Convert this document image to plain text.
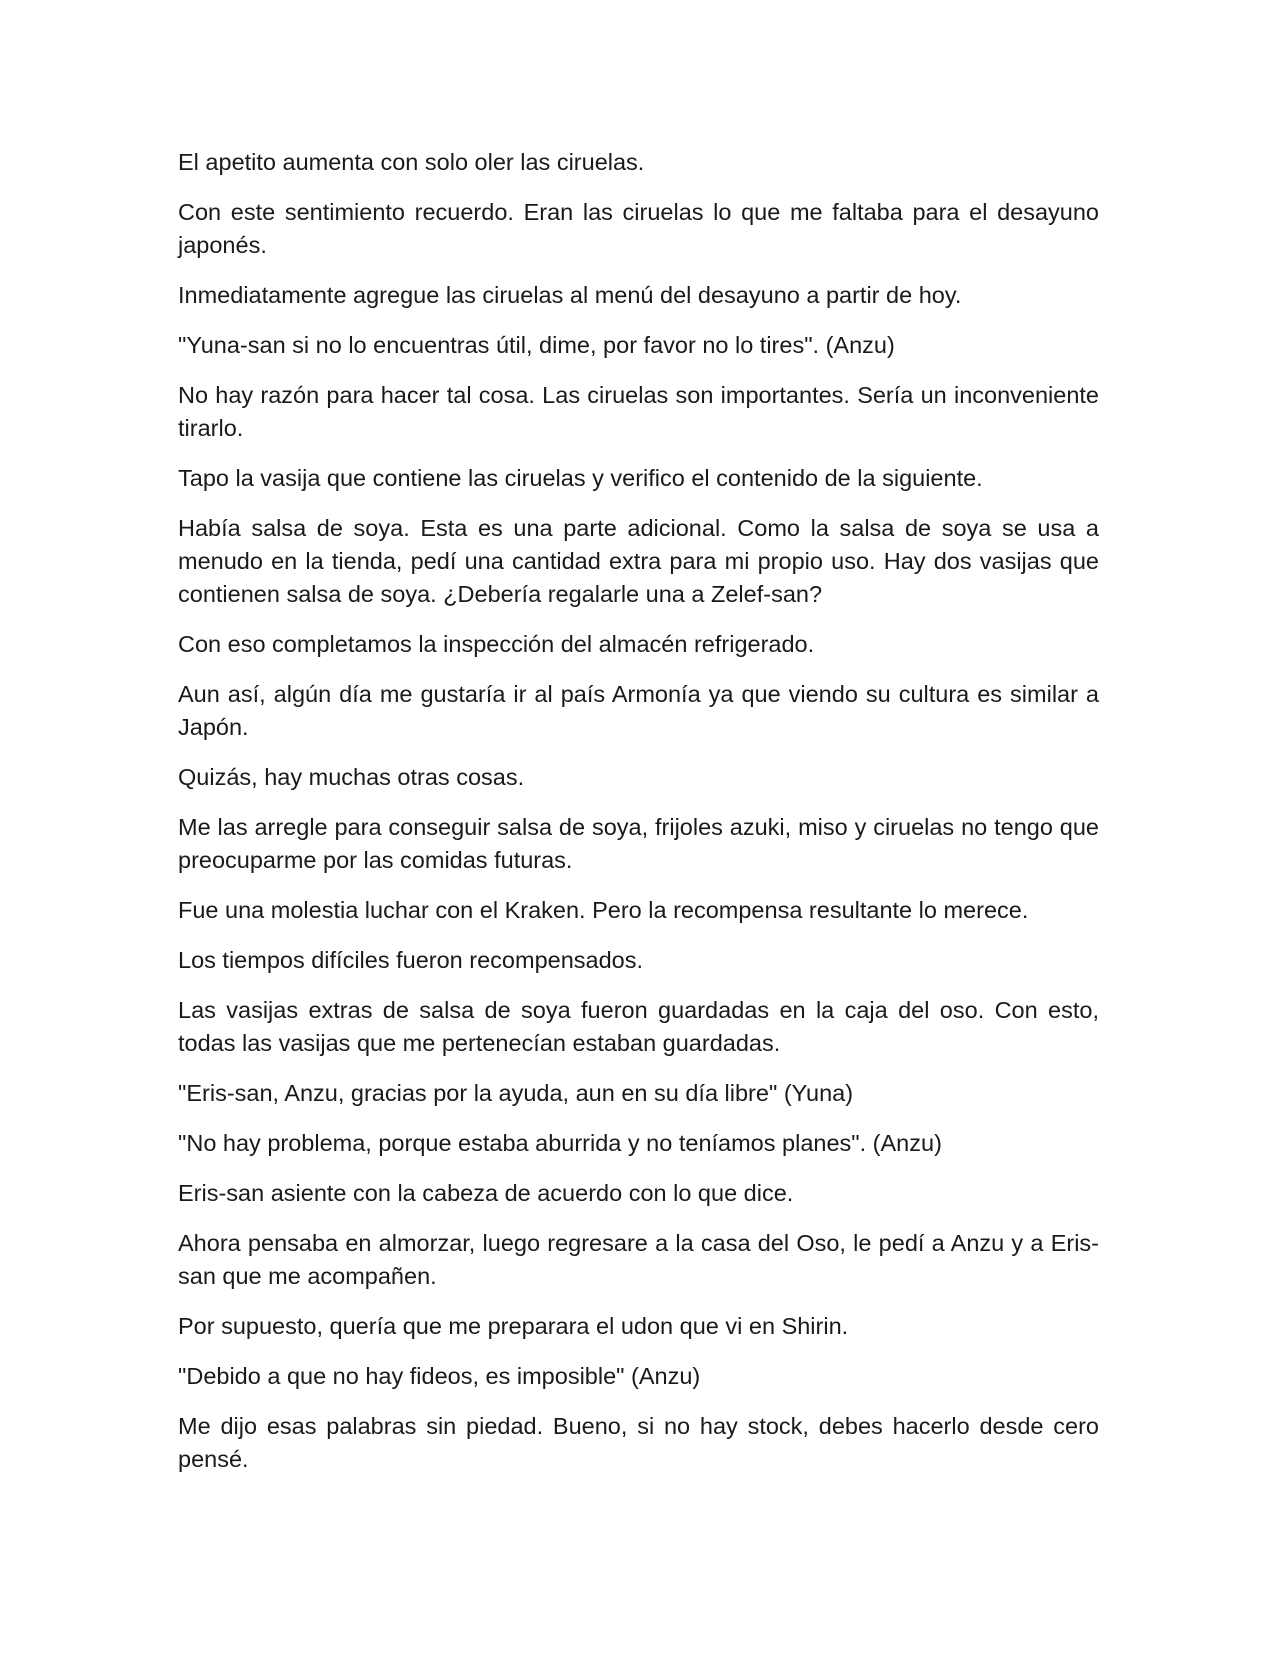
El apetito aumenta con solo oler las ciruelas.

Con este sentimiento recuerdo. Eran las ciruelas lo que me faltaba para el desayuno japonés.

Inmediatamente agregue las ciruelas al menú del desayuno a partir de hoy.

"Yuna-san si no lo encuentras útil, dime, por favor no lo tires". (Anzu)

No hay razón para hacer tal cosa. Las ciruelas son importantes. Sería un inconveniente tirarlo.

Tapo la vasija que contiene las ciruelas y verifico el contenido de la siguiente.

Había salsa de soya. Esta es una parte adicional. Como la salsa de soya se usa a menudo en la tienda, pedí una cantidad extra para mi propio uso. Hay dos vasijas que contienen salsa de soya. ¿Debería regalarle una a Zelef-san?

Con eso completamos la inspección del almacén refrigerado.

Aun así, algún día me gustaría ir al país Armonía ya que viendo su cultura es similar a Japón.

Quizás, hay muchas otras cosas.

Me las arregle para conseguir salsa de soya, frijoles azuki, miso y ciruelas no tengo que preocuparme por las comidas futuras.

Fue una molestia luchar con el Kraken. Pero la recompensa resultante lo merece.

Los tiempos difíciles fueron recompensados.

Las vasijas extras de salsa de soya fueron guardadas en la caja del oso. Con esto, todas las vasijas que me pertenecían estaban guardadas.

"Eris-san, Anzu, gracias por la ayuda, aun en su día libre" (Yuna)

"No hay problema, porque estaba aburrida y no teníamos planes". (Anzu)

Eris-san asiente con la cabeza de acuerdo con lo que dice.

Ahora pensaba en almorzar, luego regresare a la casa del Oso, le pedí a Anzu y a Eris-san que me acompañen.

Por supuesto, quería que me preparara el udon que vi en Shirin.

"Debido a que no hay fideos, es imposible" (Anzu)

Me dijo esas palabras sin piedad. Bueno, si no hay stock, debes hacerlo desde cero pensé.
